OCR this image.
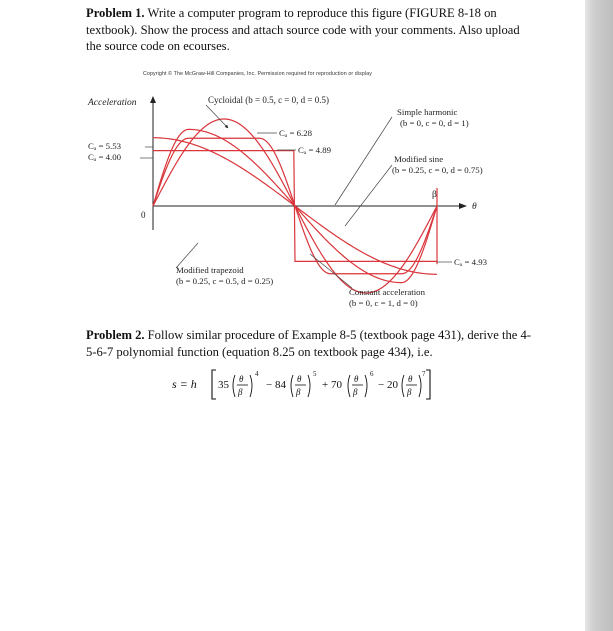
Problem 1. Write a computer program to reproduce this figure (FIGURE 8-18 on textbook). Show the process and attach source code with your comments. Also upload the source code on ecourses.

Copyright © The McGraw-Hill Companies, Inc. Permission required for reproduction or display
Acceleration	Cycloidal (b = 0.5, c = 0, d = 0.5)
Simple harmonic
(b = 0, c = 0, d = 1)
Cₐ = 5.53
Cₐ = 4.00
Cₐ = 6.28
Cₐ = 4.89
Modified sine
(b = 0.25, c = 0, d = 0.75)
β
θ
0
Cₐ = 4.93
Modified trapezoid
(b = 0.25, c = 0.5, d = 0.25)
Constant acceleration
(b = 0, c = 1, d = 0)

Problem 2. Follow similar procedure of Example 8-5 (textbook page 431), derive the 4-5-6-7 polynomial function (equation 8.25 on textbook page 434), i.e.

s = h 35 θ
β
4
− 84 θ
β
5
+ 70 θ
β
6
− 20 θ
β
7
